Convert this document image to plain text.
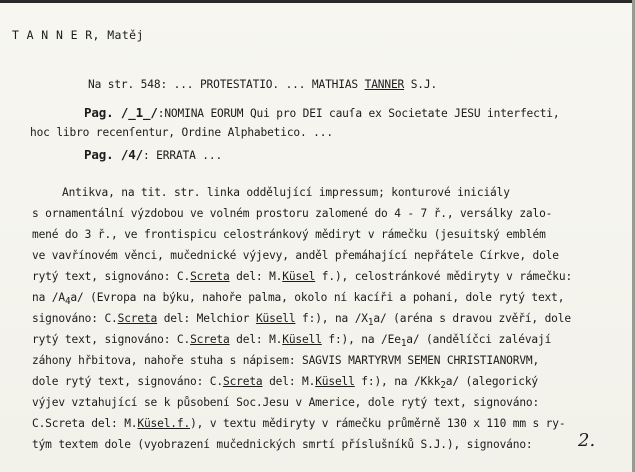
T A N N E R, Matěj
Na str. 548: ... PROTESTATIO. ... MATHIAS TANNER S.J.
Pag. /_1_/:NOMINA EORUM Qui pro DEI cauſa ex Societate JESU interfecti,
hoc libro recenſentur, Ordine Alphabetico. ...
Pag. /4/: ERRATA ...
Antikva, na tit. str. linka oddělující impressum; konturové iniciály
s ornamentální výzdobou ve volném prostoru zalomené do 4 - 7 ř., versálky zalo-
mené do 3 ř., ve frontispicu celostránkový mědiryt v rámečku (jesuitský emblém
ve vavřínovém věnci, mučednické výjevy, anděl přemáhající nepřátele Církve, dole
rytý text, signováno: C.Screta del: M.Küsel f.), celostránkové mědiryty v rámečku:
na $/A_4a/$ (Evropa na býku, nahoře palma, okolo ní kacíři a pohani, dole rytý text,
signováno: C.Screta del: Melchior Küsell f:), na $/X_1a/$ (aréna s dravou zvěří, dole
rytý text, signováno: C.Screta del: M.Küsell f:), na $/Ee_1a/$ (andělíčci zalévají
záhony hřbitova, nahoře stuha s nápisem: SAGVIS MARTYRVM SEMEN CHRISTIANORVM,
dole rytý text, signováno: C.Screta del: M.Küsell f:), na /Kkk$_2$a/ (alegorický
výjev vztahující se k působení Soc.Jesu v Americe, dole rytý text, signováno:
C.Screta del: M.Küsel.f.), v textu mědiryty v rámečku průměrně 130 x 110 mm s ry-
tým textem dole (vyobrazení mučednických smrtí příslušníků S.J.), signováno:	2.
